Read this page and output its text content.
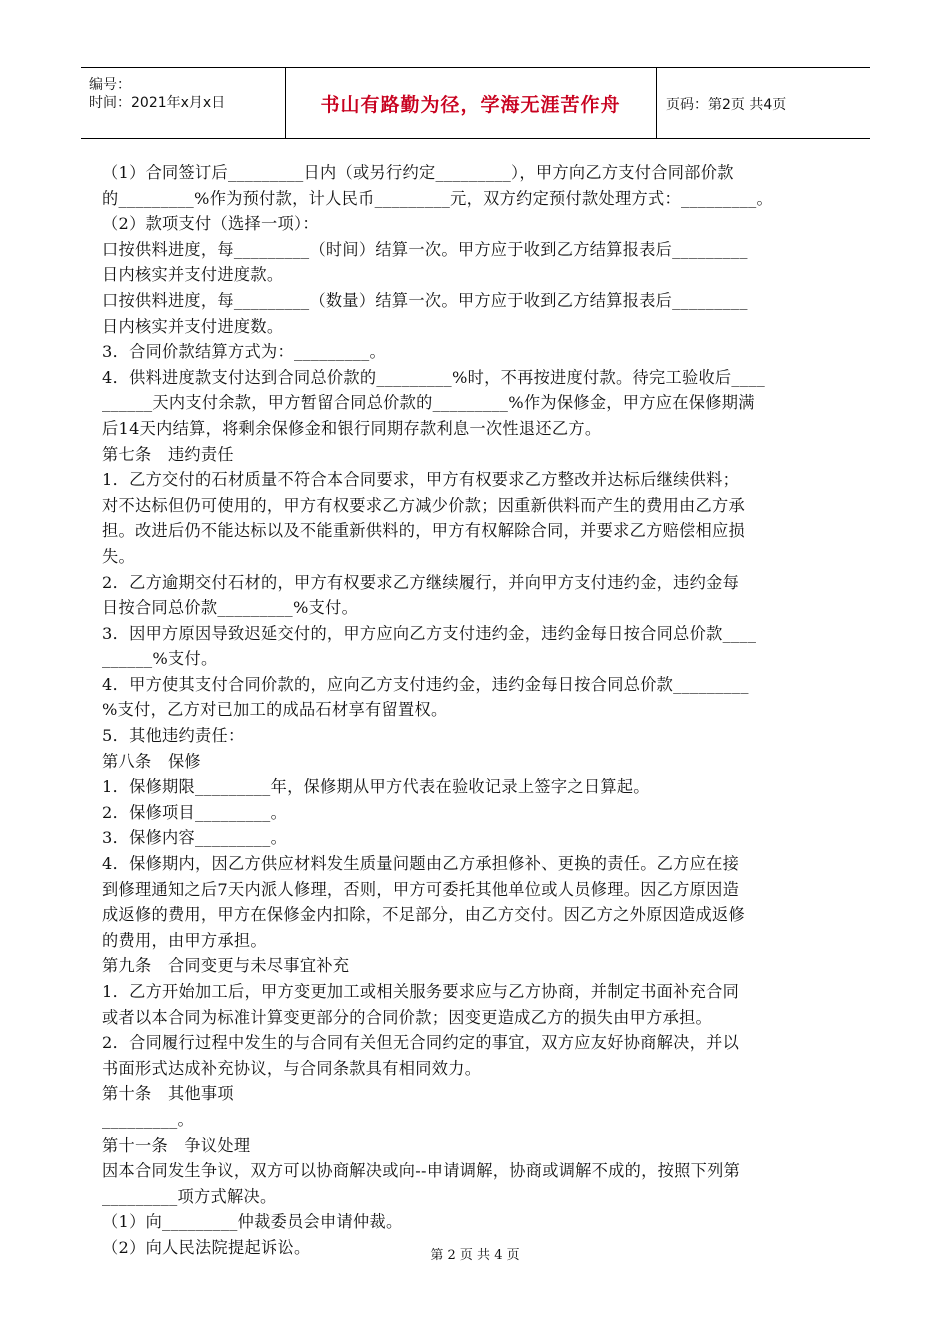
编号：
时间：2021年x月x日	书山有路勤为径，学海无涯苦作舟	页码：第2页 共4页
（1）合同签订后_________日内（或另行约定_________），甲方向乙方支付合同部价款
的_________%作为预付款，计人民币_________元，双方约定预付款处理方式：_________。
（2）款项支付（选择一项）：
口按供料进度，每_________（时间）结算一次。甲方应于收到乙方结算报表后_________
日内核实并支付进度款。
口按供料进度，每_________（数量）结算一次。甲方应于收到乙方结算报表后_________
日内核实并支付进度数。
3．合同价款结算方式为：_________。
4．供料进度款支付达到合同总价款的_________%时，不再按进度付款。待完工验收后____
______天内支付余款，甲方暂留合同总价款的_________%作为保修金，甲方应在保修期满
后14天内结算，将剩余保修金和银行同期存款利息一次性退还乙方。
第七条　违约责任
1．乙方交付的石材质量不符合本合同要求，甲方有权要求乙方整改并达标后继续供料；
对不达标但仍可使用的，甲方有权要求乙方减少价款；因重新供料而产生的费用由乙方承
担。改进后仍不能达标以及不能重新供料的，甲方有权解除合同，并要求乙方赔偿相应损
失。
2．乙方逾期交付石材的，甲方有权要求乙方继续履行，并向甲方支付违约金，违约金每
日按合同总价款_________%支付。
3．因甲方原因导致迟延交付的，甲方应向乙方支付违约金，违约金每日按合同总价款____
______%支付。
4．甲方使其支付合同价款的，应向乙方支付违约金，违约金每日按合同总价款_________
%支付，乙方对已加工的成品石材享有留置权。
5．其他违约责任：
第八条　保修
1．保修期限_________年，保修期从甲方代表在验收记录上签字之日算起。
2．保修项目_________。
3．保修内容_________。
4．保修期内，因乙方供应材料发生质量问题由乙方承担修补、更换的责任。乙方应在接
到修理通知之后7天内派人修理，否则，甲方可委托其他单位或人员修理。因乙方原因造
成返修的费用，甲方在保修金内扣除，不足部分，由乙方交付。因乙方之外原因造成返修
的费用，由甲方承担。
第九条　合同变更与未尽事宜补充
1．乙方开始加工后，甲方变更加工或相关服务要求应与乙方协商，并制定书面补充合同
或者以本合同为标准计算变更部分的合同价款；因变更造成乙方的损失由甲方承担。
2．合同履行过程中发生的与合同有关但无合同约定的事宜，双方应友好协商解决，并以
书面形式达成补充协议，与合同条款具有相同效力。
第十条　其他事项
_________。
第十一条　争议处理
因本合同发生争议，双方可以协商解决或向--申请调解，协商或调解不成的，按照下列第
_________项方式解决。
（1）向_________仲裁委员会申请仲裁。
（2）向人民法院提起诉讼。	第 2 页 共 4 页
